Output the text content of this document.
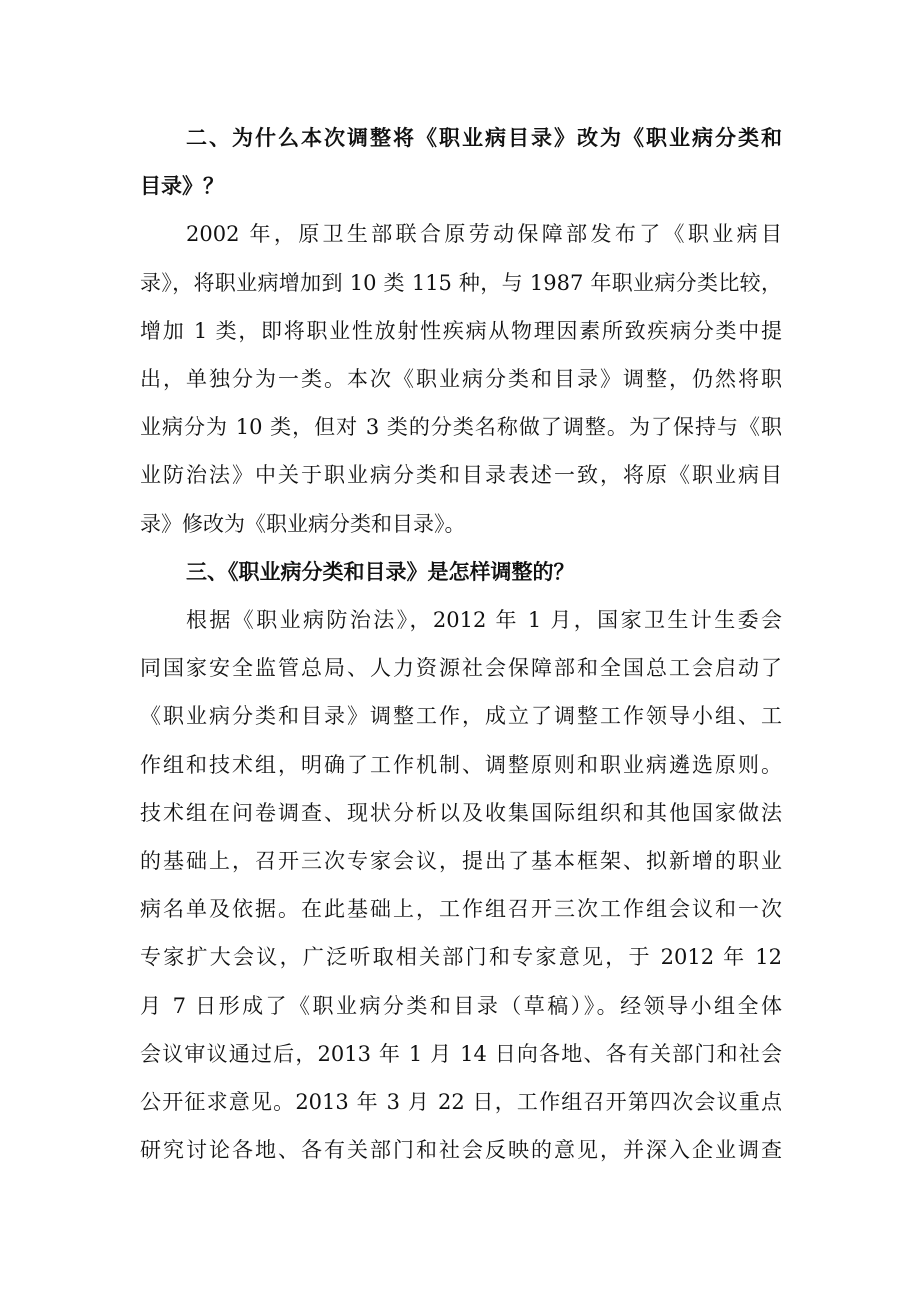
二、为什么本次调整将《职业病目录》改为《职业病分类和
目录》？

2002 年，原卫生部联合原劳动保障部发布了《职业病目
录》，将职业病增加到 10 类 115 种，与 1987 年职业病分类比较，
增加 1 类，即将职业性放射性疾病从物理因素所致疾病分类中提
出，单独分为一类。本次《职业病分类和目录》调整，仍然将职
业病分为 10 类，但对 3 类的分类名称做了调整。为了保持与《职
业防治法》中关于职业病分类和目录表述一致，将原《职业病目
录》修改为《职业病分类和目录》。

三、《职业病分类和目录》是怎样调整的？

根据《职业病防治法》，2012 年 1 月，国家卫生计生委会
同国家安全监管总局、人力资源社会保障部和全国总工会启动了
《职业病分类和目录》调整工作，成立了调整工作领导小组、工
作组和技术组，明确了工作机制、调整原则和职业病遴选原则。
技术组在问卷调查、现状分析以及收集国际组织和其他国家做法
的基础上，召开三次专家会议，提出了基本框架、拟新增的职业
病名单及依据。在此基础上，工作组召开三次工作组会议和一次
专家扩大会议，广泛听取相关部门和专家意见，于 2012 年 12
月 7 日形成了《职业病分类和目录（草稿）》。经领导小组全体
会议审议通过后，2013 年 1 月 14 日向各地、各有关部门和社会
公开征求意见。2013 年 3 月 22 日，工作组召开第四次会议重点
研究讨论各地、各有关部门和社会反映的意见，并深入企业调查
